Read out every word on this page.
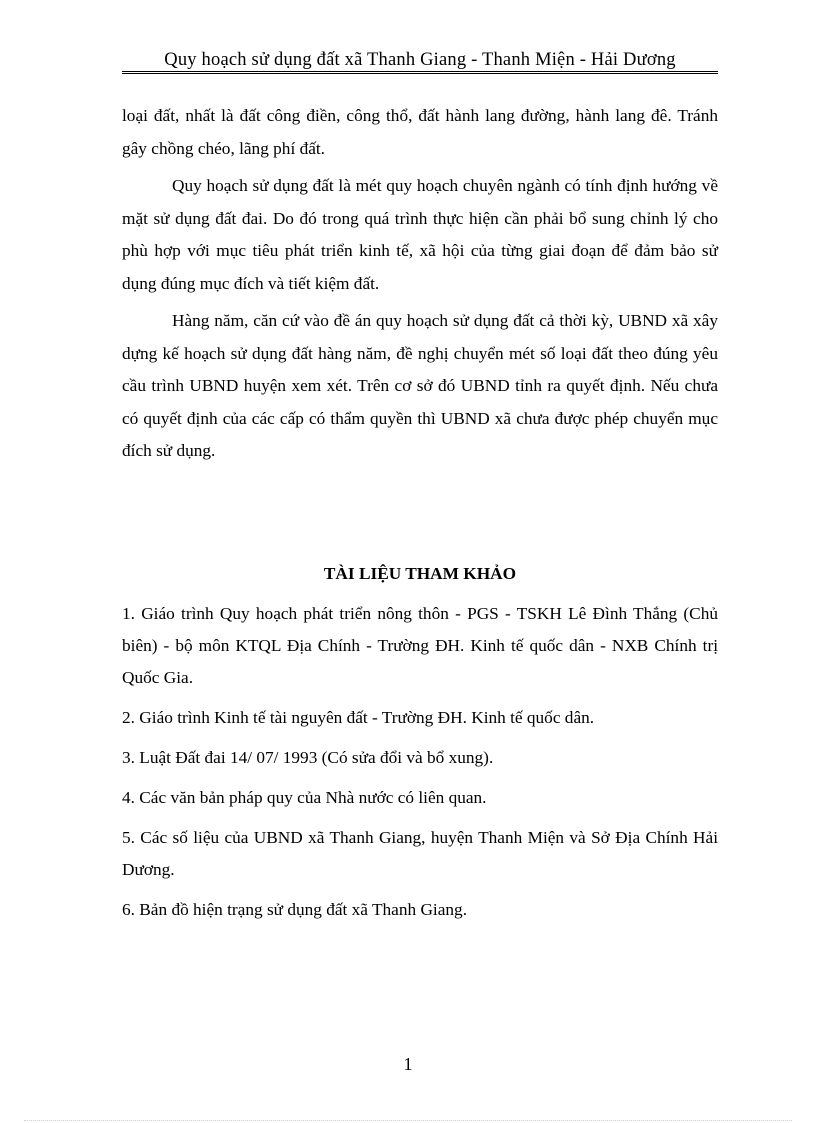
Quy hoạch sử dụng đất xã Thanh Giang - Thanh Miện - Hải Dương

loại đất, nhất là đất công điền, công thổ, đất hành lang đường, hành lang đê. Tránh gây chồng chéo, lãng phí đất.

Quy hoạch sử dụng đất là mét quy hoạch chuyên ngành có tính định hướng về mặt sử dụng đất đai. Do đó trong quá trình thực hiện cần phải bổ sung chỉnh lý cho phù hợp với mục tiêu phát triển kinh tế, xã hội của từng giai đoạn để đảm bảo sử dụng đúng mục đích và tiết kiệm đất.

Hàng năm, căn cứ vào đề án quy hoạch sử dụng đất cả thời kỳ, UBND xã xây dựng kế hoạch sử dụng đất hàng năm, đề nghị chuyển mét số loại đất theo đúng yêu cầu trình UBND huyện xem xét. Trên cơ sở đó UBND tỉnh ra quyết định. Nếu chưa có quyết định của các cấp có thẩm quyền thì UBND xã chưa được phép chuyển mục đích sử dụng.

TÀI LIỆU THAM KHẢO

1. Giáo trình Quy hoạch phát triển nông thôn - PGS - TSKH Lê Đình Thắng (Chủ biên) - bộ môn KTQL Địa Chính - Trường ĐH. Kinh tế quốc dân - NXB Chính trị Quốc Gia.

2. Giáo trình Kinh tế tài nguyên đất - Trường ĐH. Kinh tế quốc dân.

3. Luật Đất đai 14/ 07/ 1993 (Có sửa đổi và bổ xung).

4. Các văn bản pháp quy của Nhà nước có liên quan.

5. Các số liệu của UBND xã Thanh Giang, huyện Thanh Miện và Sở Địa Chính Hải Dương.

6. Bản đồ hiện trạng sử dụng đất xã Thanh Giang.

1
